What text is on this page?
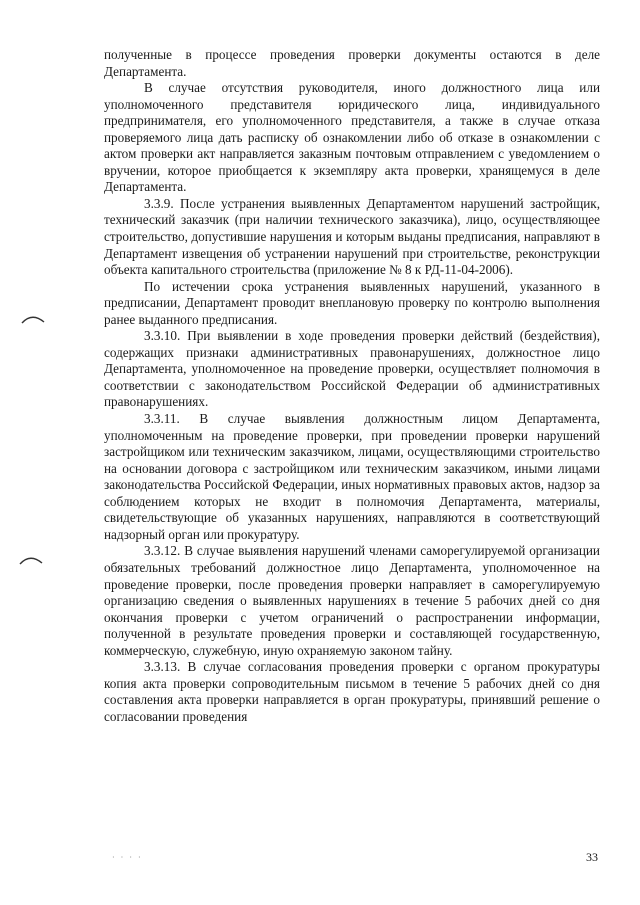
полученные в процессе проведения проверки документы остаются в деле Департамента.

В случае отсутствия руководителя, иного должностного лица или уполномоченного представителя юридического лица, индивидуального предпринимателя, его уполномоченного представителя, а также в случае отказа проверяемого лица дать расписку об ознакомлении либо об отказе в ознакомлении с актом проверки акт направляется заказным почтовым отправлением с уведомлением о вручении, которое приобщается к экземпляру акта проверки, хранящемуся в деле Департамента.

3.3.9. После устранения выявленных Департаментом нарушений застройщик, технический заказчик (при наличии технического заказчика), лицо, осуществляющее строительство, допустившие нарушения и которым выданы предписания, направляют в Департамент извещения об устранении нарушений при строительстве, реконструкции объекта капитального строительства (приложение № 8 к РД-11-04-2006).

По истечении срока устранения выявленных нарушений, указанного в предписании, Департамент проводит внеплановую проверку по контролю выполнения ранее выданного предписания.

3.3.10. При выявлении в ходе проведения проверки действий (бездействия), содержащих признаки административных правонарушениях, должностное лицо Департамента, уполномоченное на проведение проверки, осуществляет полномочия в соответствии с законодательством Российской Федерации об административных правонарушениях.

3.3.11. В случае выявления должностным лицом Департамента, уполномоченным на проведение проверки, при проведении проверки нарушений застройщиком или техническим заказчиком, лицами, осуществляющими строительство на основании договора с застройщиком или техническим заказчиком, иными лицами законодательства Российской Федерации, иных нормативных правовых актов, надзор за соблюдением которых не входит в полномочия Департамента, материалы, свидетельствующие об указанных нарушениях, направляются в соответствующий надзорный орган или прокуратуру.

3.3.12. В случае выявления нарушений членами саморегулируемой организации обязательных требований должностное лицо Департамента, уполномоченное на проведение проверки, после проведения проверки направляет в саморегулируемую организацию сведения о выявленных нарушениях в течение 5 рабочих дней со дня окончания проверки с учетом ограничений о распространении информации, полученной в результате проведения проверки и составляющей государственную, коммерческую, служебную, иную охраняемую законом тайну.

3.3.13. В случае согласования проведения проверки с органом прокуратуры копия акта проверки сопроводительным письмом в течение 5 рабочих дней со дня составления акта проверки направляется в орган прокуратуры, принявший решение о согласовании проведения

· · · ·	33
